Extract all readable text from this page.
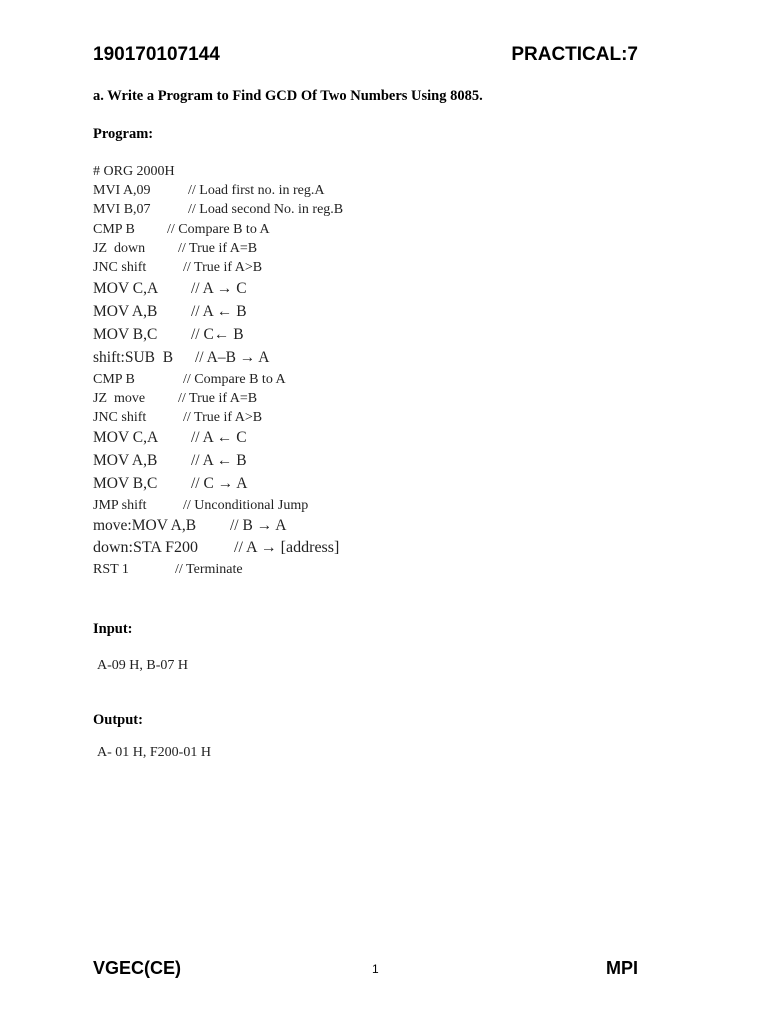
190170107144	PRACTICAL:7
a. Write a Program to Find GCD Of Two Numbers Using 8085.
Program:
# ORG 2000H
MVI A,09	// Load first no. in reg.A
MVI B,07	// Load second No. in reg.B
CMP B // Compare B to A
JZ  down // True if A=B
JNC shift	// True if A>B
MOV C,A // A → C
MOV A,B // A ← B
MOV B,C // C← B
shift:SUB  B // A–B → A
CMP B	// Compare B to A
JZ  move // True if A=B
JNC shift	// True if A>B
MOV C,A // A ← C
MOV A,B // A ← B
MOV B,C // C → A
JMP shift	// Unconditional Jump
move:MOV A,B // B → A
down:STA F200 // A → [address]
RST 1	// Terminate
Input:
A-09 H, B-07 H
Output:
A- 01 H, F200-01 H
VGEC(CE)	1	MPI
